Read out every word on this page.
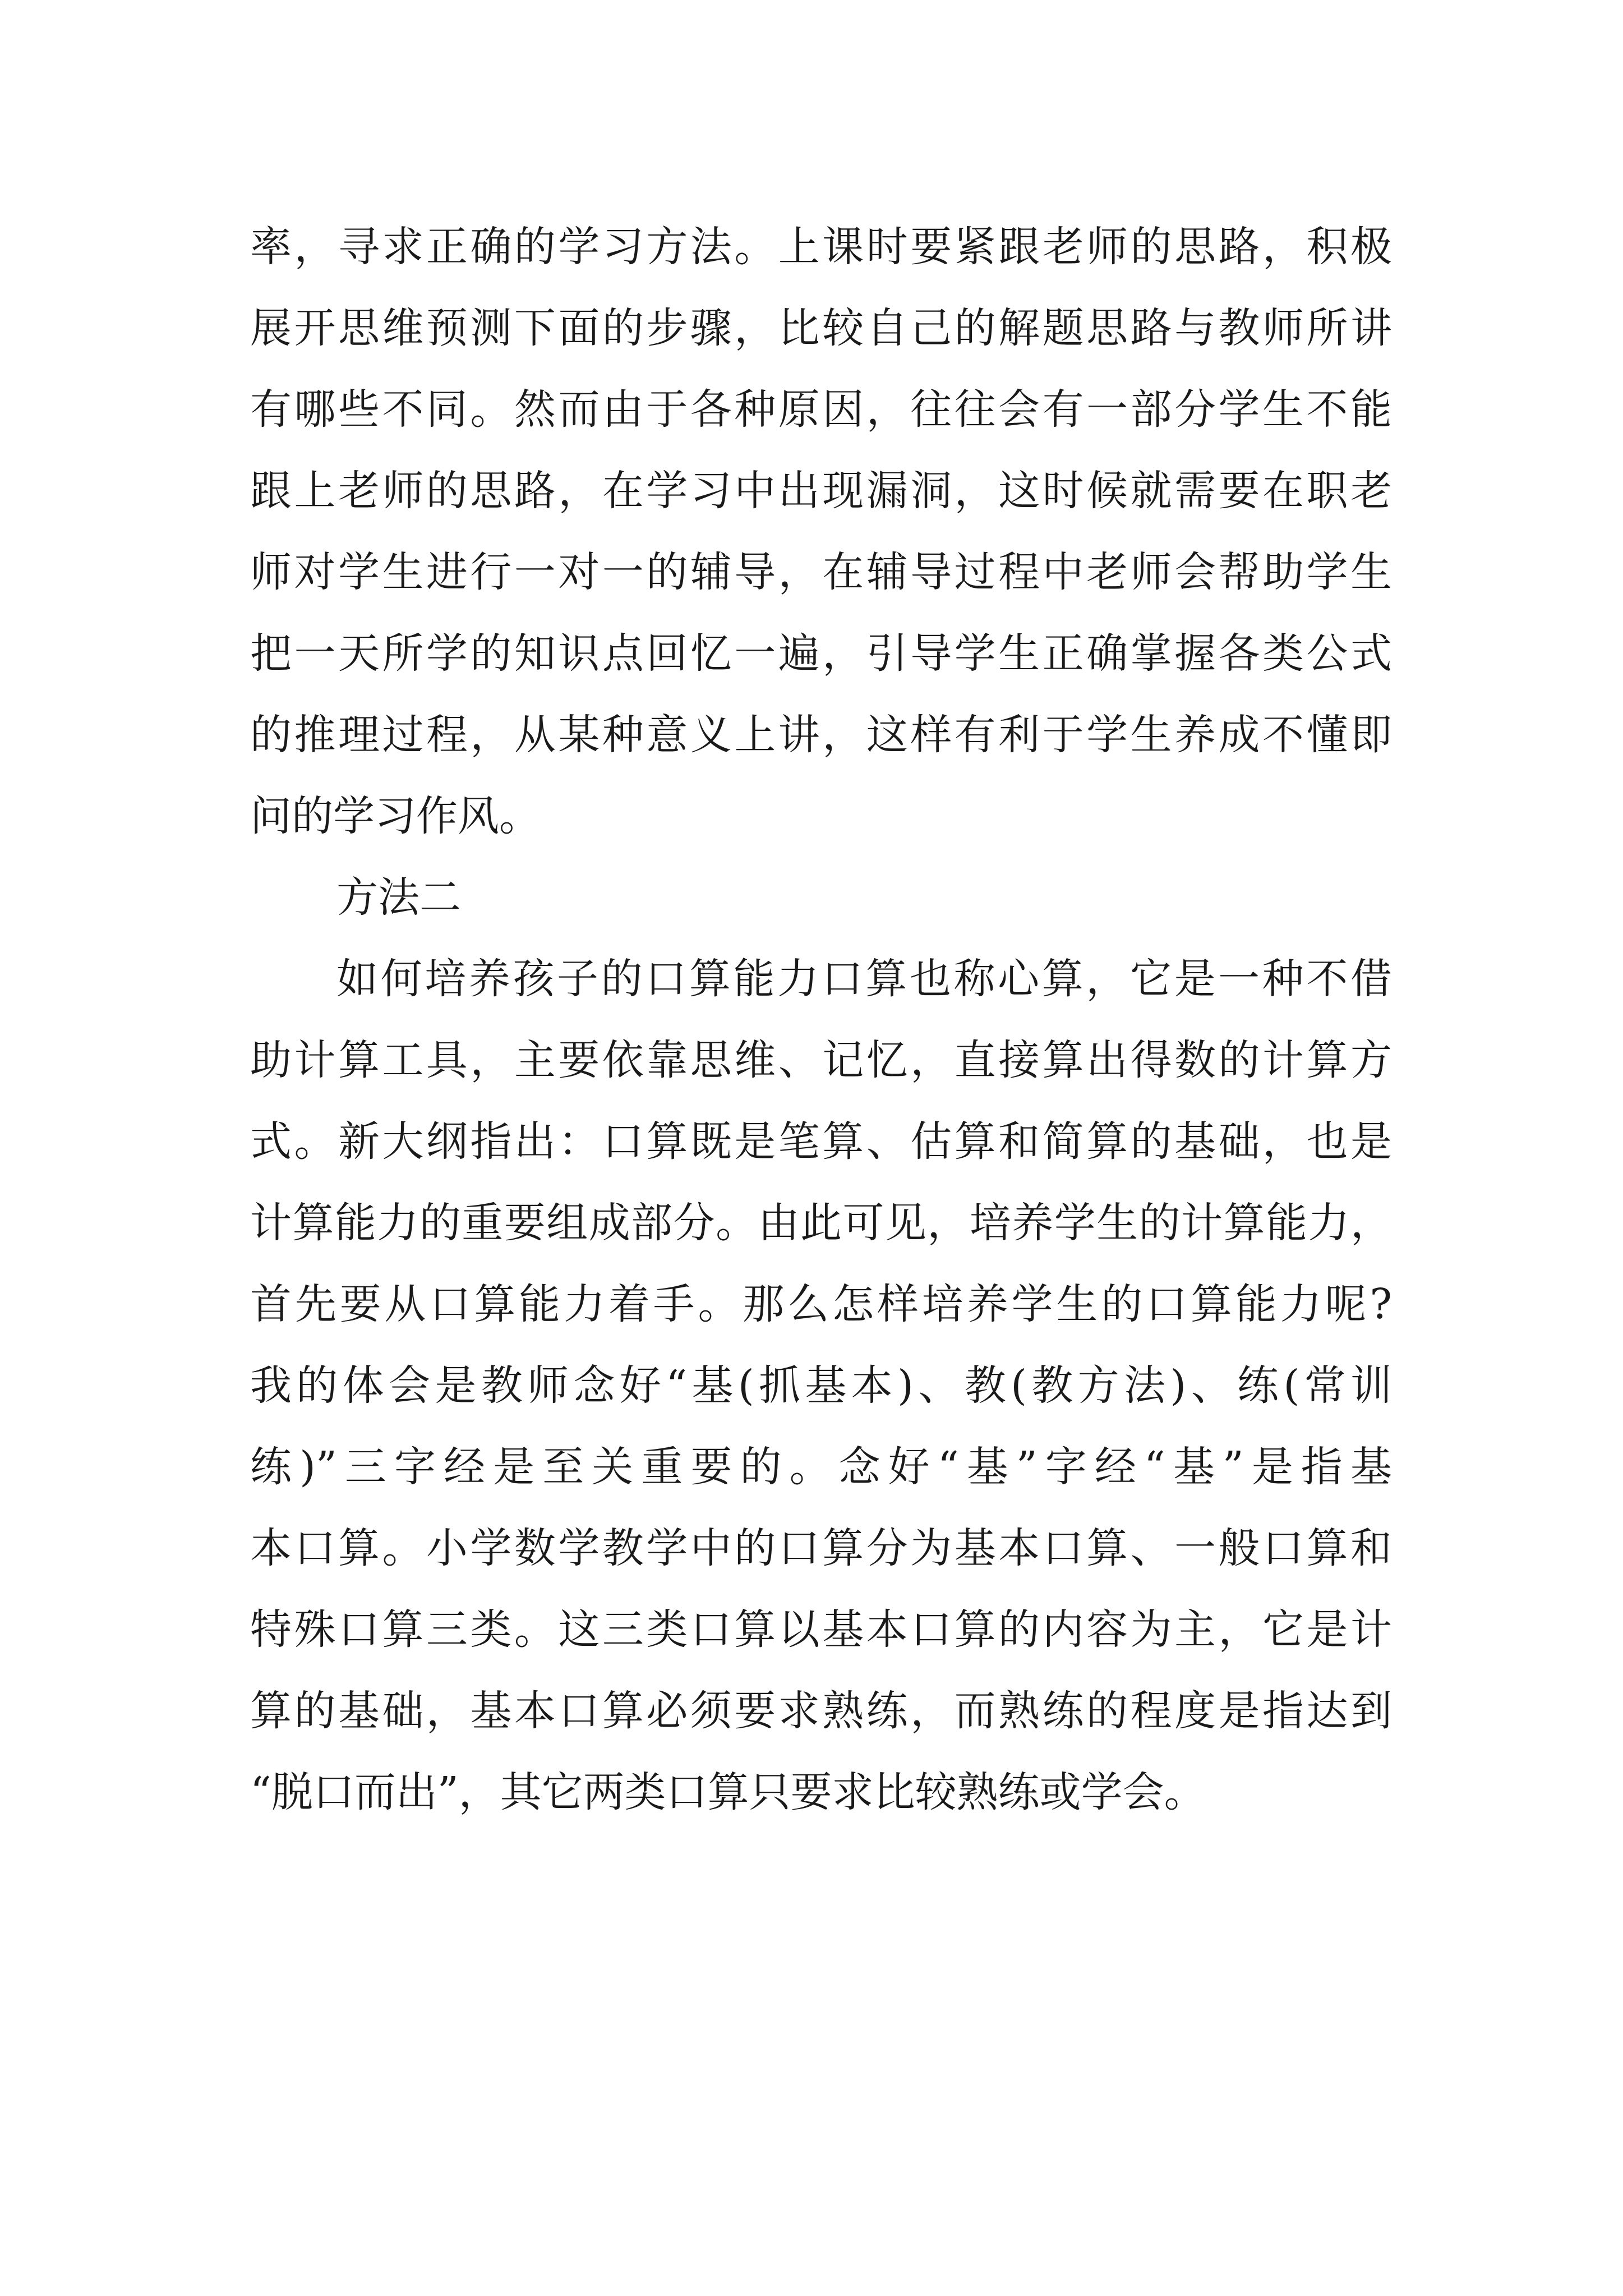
率，寻求正确的学习方法。上课时要紧跟老师的思路，积极
展开思维预测下面的步骤，比较自己的解题思路与教师所讲
有哪些不同。然而由于各种原因，往往会有一部分学生不能
跟上老师的思路，在学习中出现漏洞，这时候就需要在职老
师对学生进行一对一的辅导，在辅导过程中老师会帮助学生
把一天所学的知识点回忆一遍，引导学生正确掌握各类公式
的推理过程，从某种意义上讲，这样有利于学生养成不懂即
问的学习作风。
方法二
如何培养孩子的口算能力口算也称心算，它是一种不借
助计算工具，主要依靠思维、记忆，直接算出得数的计算方
式。新大纲指出：口算既是笔算、估算和简算的基础，也是
计算能力的重要组成部分。由此可见，培养学生的计算能力，
首先要从口算能力着手。那么怎样培养学生的口算能力呢?
我的体会是教师念好“基(抓基本)、教(教方法)、练(常训
练)”三字经是至关重要的。念好“基”字经“基”是指基
本口算。小学数学教学中的口算分为基本口算、一般口算和
特殊口算三类。这三类口算以基本口算的内容为主，它是计
算的基础，基本口算必须要求熟练，而熟练的程度是指达到
“脱口而出”，其它两类口算只要求比较熟练或学会。
